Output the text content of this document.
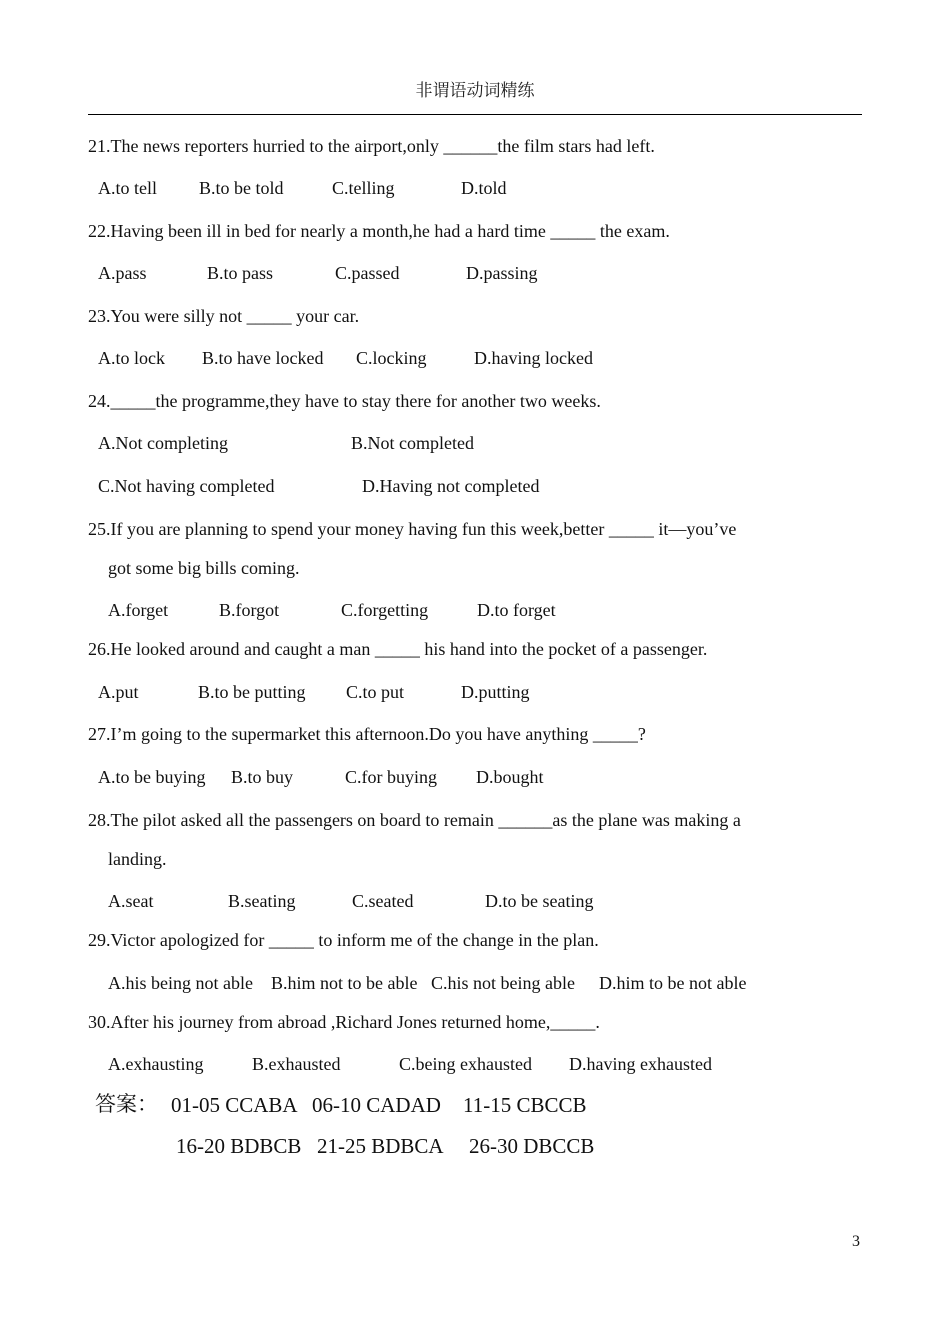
非谓语动词精练
21.The news reporters hurried to the airport,only ______the film stars had left.
A.to tell B.to be told	C.telling	D.told
22.Having been ill in bed for nearly a month,he had a hard time _____ the exam.
A.pass	B.to pass	C.passed	D.passing
23.You were silly not _____ your car.
A.to lock B.to have locked C.locking	D.having locked
24._____the programme,they have to stay there for another two weeks.
A.Not completing	B.Not completed
C.Not having completed	D.Having not completed
25.If you are planning to spend your money having fun this week,better _____ it—you’ve
got some big bills coming.
A.forget	B.forgot	C.forgetting	D.to forget
26.He looked around and caught a man _____ his hand into the pocket of a passenger.
A.put	B.to be putting C.to put	D.putting
27.I’m going to the supermarket this afternoon.Do you have anything _____?
A.to be buying B.to buy	C.for buying D.bought
28.The pilot asked all the passengers on board to remain ______as the plane was making a
landing.
A.seat	B.seating	C.seated	D.to be seating
29.Victor apologized for _____ to inform me of the change in the plan.
A.his being not able B.him not to be able C.his not being able D.him to be not able
30.After his journey from abroad ,Richard Jones returned home,_____.
A.exhausting	B.exhausted	C.being exhausted D.having exhausted
答案： 01-05 CCABA 06-10 CADAD 11-15 CBCCB
16-20 BDBCB 21-25 BDBCA 26-30 DBCCB
3
